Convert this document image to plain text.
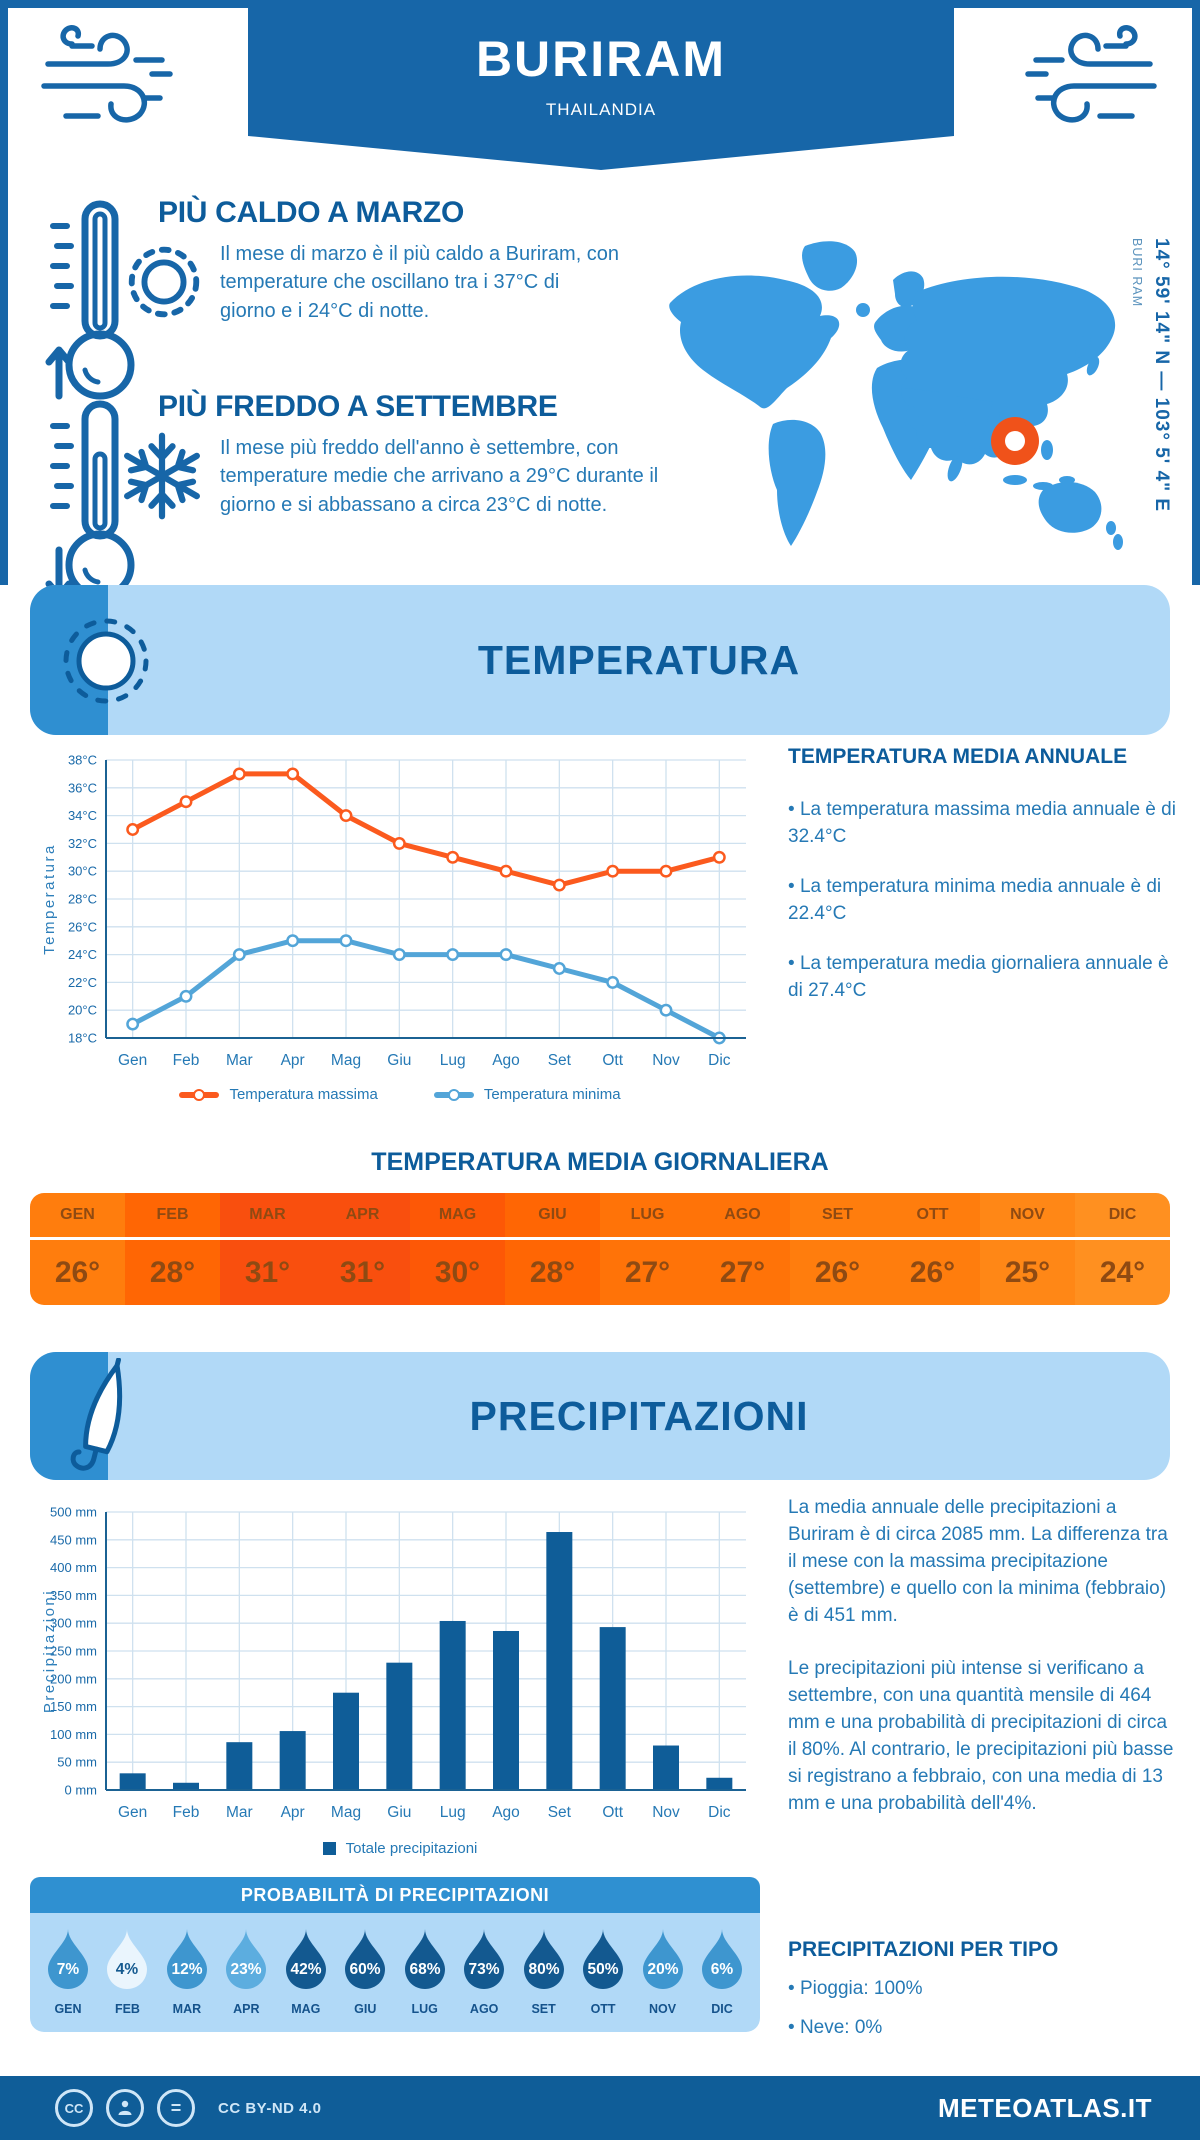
BURIRAM
THAILANDIA
PIÙ CALDO A MARZO
Il mese di marzo è il più caldo a Buriram, con temperature che oscillano tra i 37°C di giorno e i 24°C di notte.
PIÙ FREDDO A SETTEMBRE
Il mese più freddo dell'anno è settembre, con temperature medie che arrivano a 29°C durante il giorno e si abbassano a circa 23°C di notte.	14° 59' 14" N — 103° 5' 4" E
BURI RAM
TEMPERATURA
18°C
20°C
22°C
24°C
26°C
28°C
30°C
32°C
34°C
36°C
38°C
Gen Feb Mar Apr Mag Giu Lug Ago Set Ott Nov Dic
Temperatura
Temperatura massima	Temperatura minima
TEMPERATURA MEDIA ANNUALE
• La temperatura massima media annuale è di 32.4°C
• La temperatura minima media annuale è di 22.4°C
• La temperatura media giornaliera annuale è di 27.4°C
TEMPERATURA MEDIA GIORNALIERA
GEN
26°
FEB
28°
MAR
31°
APR
31°
MAG
30°
GIU
28°
LUG
27°
AGO
27°
SET
26°
OTT
26°
NOV
25°
DIC
24°
PRECIPITAZIONI
0 mm
50 mm
100 mm
150 mm
200 mm
250 mm
300 mm
350 mm
400 mm
450 mm
500 mm
Gen Feb Mar Apr Mag Giu Lug Ago Set Ott Nov Dic
Precipitazioni
Totale precipitazioni

La media annuale delle precipitazioni a Buriram è di circa 2085 mm. La differenza tra il mese con la massima precipitazione (settembre) e quello con la minima (febbraio) è di 451 mm.

Le precipitazioni più intense si verificano a settembre, con una quantità mensile di 464 mm e una probabilità di precipitazioni di circa il 80%. Al contrario, le precipitazioni più basse si registrano a febbraio, con una media di 13 mm e una probabilità dell'4%.

PROBABILITÀ DI PRECIPITAZIONI
7%
GEN
4%
FEB
12%
MAR
23%
APR
42%
MAG
60%
GIU
68%
LUG
73%
AGO
80%
SET
50%
OTT
20%
NOV
6%
DIC
PRECIPITAZIONI PER TIPO
• Pioggia: 100%
• Neve: 0%
CC	=	CC BY-ND 4.0	METEOATLAS.IT
